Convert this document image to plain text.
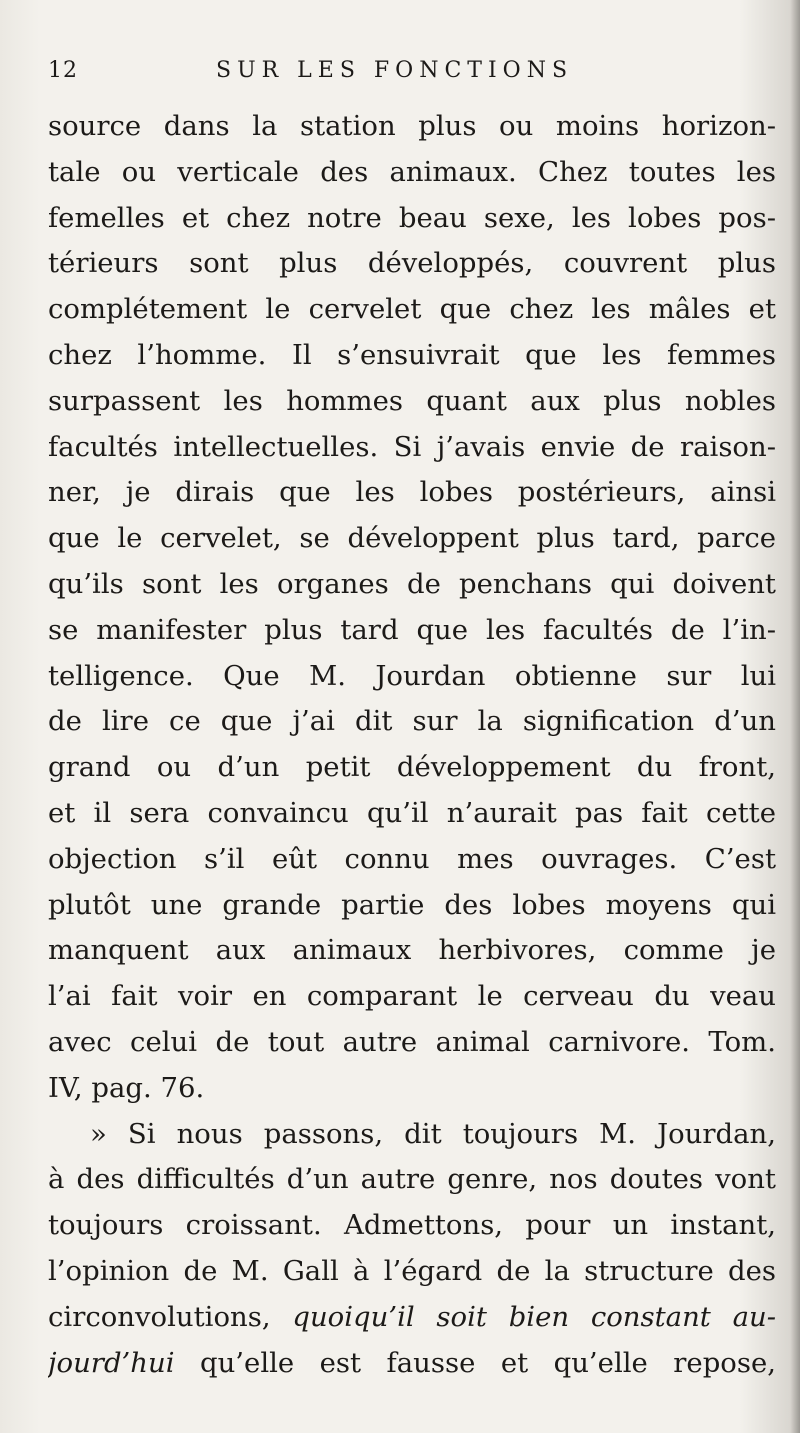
12	SUR LES FONCTIONS
source dans la station plus ou moins horizon-
tale ou verticale des animaux. Chez toutes les
femelles et chez notre beau sexe, les lobes pos-
térieurs sont plus développés, couvrent plus
complétement le cervelet que chez les mâles et
chez l’homme. Il s’ensuivrait que les femmes
surpassent les hommes quant aux plus nobles
facultés intellectuelles. Si j’avais envie de raison-
ner, je dirais que les lobes postérieurs, ainsi
que le cervelet, se développent plus tard, parce
qu’ils sont les organes de penchans qui doivent
se manifester plus tard que les facultés de l’in-
telligence. Que M. Jourdan obtienne sur lui
de lire ce que j’ai dit sur la signification d’un
grand ou d’un petit développement du front,
et il sera convaincu qu’il n’aurait pas fait cette
objection s’il eût connu mes ouvrages. C’est
plutôt une grande partie des lobes moyens qui
manquent aux animaux herbivores, comme je
l’ai fait voir en comparant le cerveau du veau
avec celui de tout autre animal carnivore. Tom.
IV, pag. 76.
» Si nous passons, dit toujours M. Jourdan,
à des difficultés d’un autre genre, nos doutes vont
toujours croissant. Admettons, pour un instant,
l’opinion de M. Gall à l’égard de la structure des
circonvolutions, quoiqu’il soit bien constant au-
jourd’hui qu’elle est fausse et qu’elle repose,
